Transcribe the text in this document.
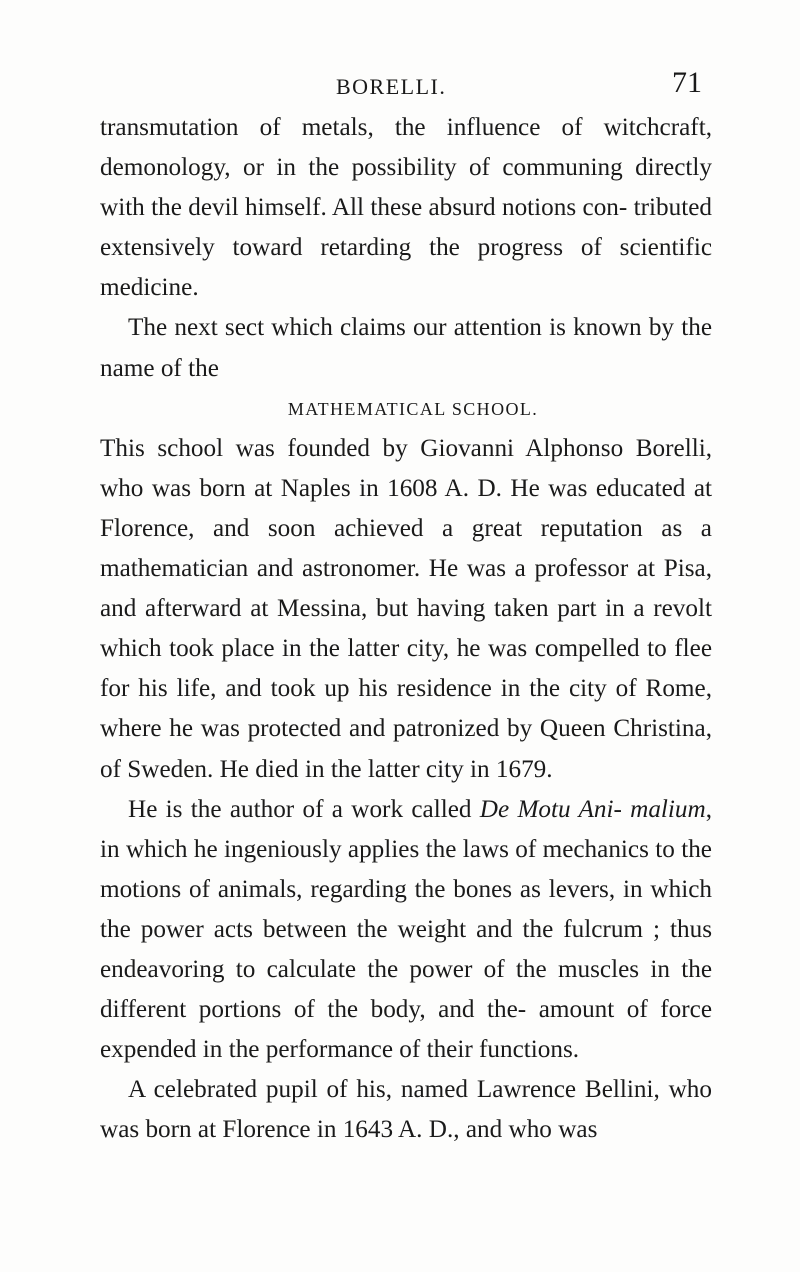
BORELLI.	71

transmutation of metals, the influence of witchcraft, demonology, or in the possibility of communing directly with the devil himself. All these absurd notions con- tributed extensively toward retarding the progress of scientific medicine.

The next sect which claims our attention is known by the name of the

MATHEMATICAL SCHOOL.

This school was founded by Giovanni Alphonso Borelli, who was born at Naples in 1608 A. D. He was educated at Florence, and soon achieved a great reputation as a mathematician and astronomer. He was a professor at Pisa, and afterward at Messina, but having taken part in a revolt which took place in the latter city, he was compelled to flee for his life, and took up his residence in the city of Rome, where he was protected and patronized by Queen Christina, of Sweden. He died in the latter city in 1679.

He is the author of a work called De Motu Ani- malium, in which he ingeniously applies the laws of mechanics to the motions of animals, regarding the bones as levers, in which the power acts between the weight and the fulcrum ; thus endeavoring to calculate the power of the muscles in the different portions of the body, and the- amount of force expended in the performance of their functions.

A celebrated pupil of his, named Lawrence Bellini, who was born at Florence in 1643 A. D., and who was
